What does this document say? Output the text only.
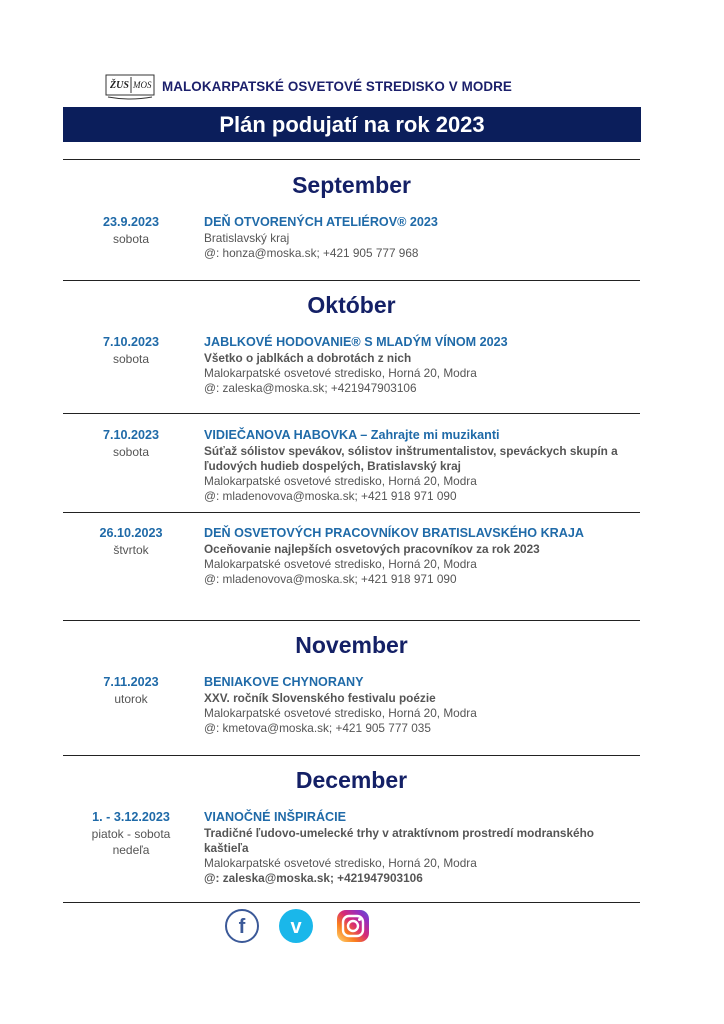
ŽUS MOS MALOKARPATSKÉ OSVETOVÉ STREDISKO V MODRE
Plán podujatí na rok 2023
September
23.9.2023
sobota
DEŇ OTVORENÝCH ATELIÉROV® 2023
Bratislavský kraj
@: honza@moska.sk; +421 905 777 968
Október
7.10.2023
sobota
JABLKOVÉ HODOVANIE® S MLADÝM VÍNOM 2023
Všetko o jablkách a dobrotách z nich
Malokarpatské osvetové stredisko, Horná 20, Modra
@: zaleska@moska.sk; +421947903106
7.10.2023
sobota
VIDIEČANOVA HABOVKA – Zahrajte mi muzikanti
Súťaž sólistov spevákov, sólistov inštrumentalistov, speváckych skupín a ľudových hudieb dospelých, Bratislavský kraj
Malokarpatské osvetové stredisko, Horná 20, Modra
@: mladenovova@moska.sk; +421 918 971 090
26.10.2023
štvrtok
DEŇ OSVETOVÝCH PRACOVNÍKOV BRATISLAVSKÉHO KRAJA
Oceňovanie najlepších osvetových pracovníkov za rok 2023
Malokarpatské osvetové stredisko, Horná 20, Modra
@: mladenovova@moska.sk; +421 918 971 090
November
7.11.2023
utorok
BENIAKOVE CHYNORANY
XXV. ročník Slovenského festivalu poézie
Malokarpatské osvetové stredisko, Horná 20, Modra
@: kmetova@moska.sk; +421 905 777 035
December
1. - 3.12.2023
piatok - sobota
nedeľa
VIANOČNÉ INŠPIRÁCIE
Tradičné ľudovo-umelecké trhy v atraktívnom prostredí modranského kaštieľa
Malokarpatské osvetové stredisko, Horná 20, Modra
@: zaleska@moska.sk; +421947903106
f v
